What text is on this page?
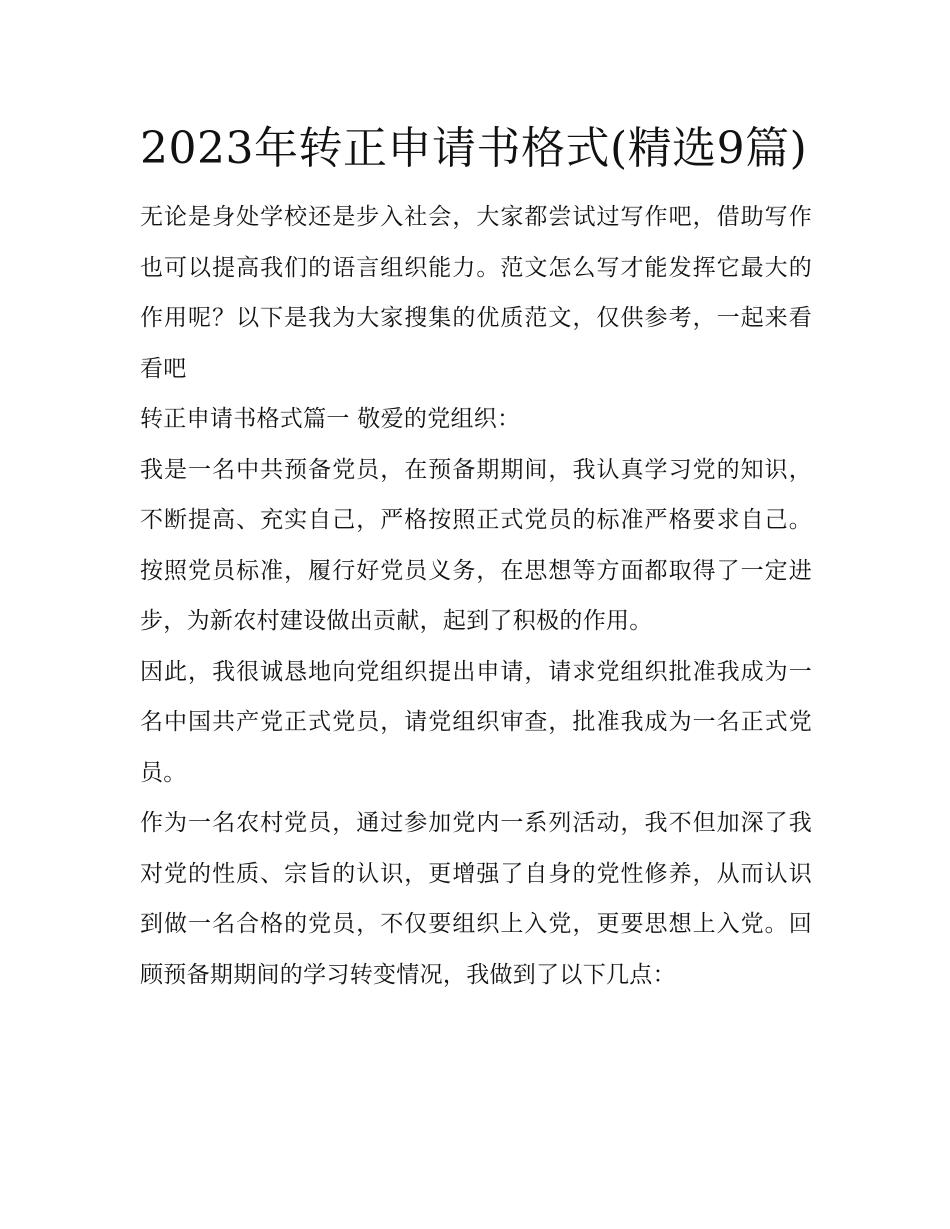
2023年转正申请书格式(精选9篇)

无论是身处学校还是步入社会，大家都尝试过写作吧，借助写作也可以提高我们的语言组织能力。范文怎么写才能发挥它最大的作用呢？以下是我为大家搜集的优质范文，仅供参考，一起来看看吧

转正申请书格式篇一 敬爱的党组织：

我是一名中共预备党员，在预备期期间，我认真学习党的知识，不断提高、充实自己，严格按照正式党员的标准严格要求自己。按照党员标准，履行好党员义务，在思想等方面都取得了一定进步，为新农村建设做出贡献，起到了积极的作用。

因此，我很诚恳地向党组织提出申请，请求党组织批准我成为一名中国共产党正式党员，请党组织审查，批准我成为一名正式党员。

作为一名农村党员，通过参加党内一系列活动，我不但加深了我对党的性质、宗旨的认识，更增强了自身的党性修养，从而认识到做一名合格的党员，不仅要组织上入党，更要思想上入党。回顾预备期期间的学习转变情况，我做到了以下几点：
